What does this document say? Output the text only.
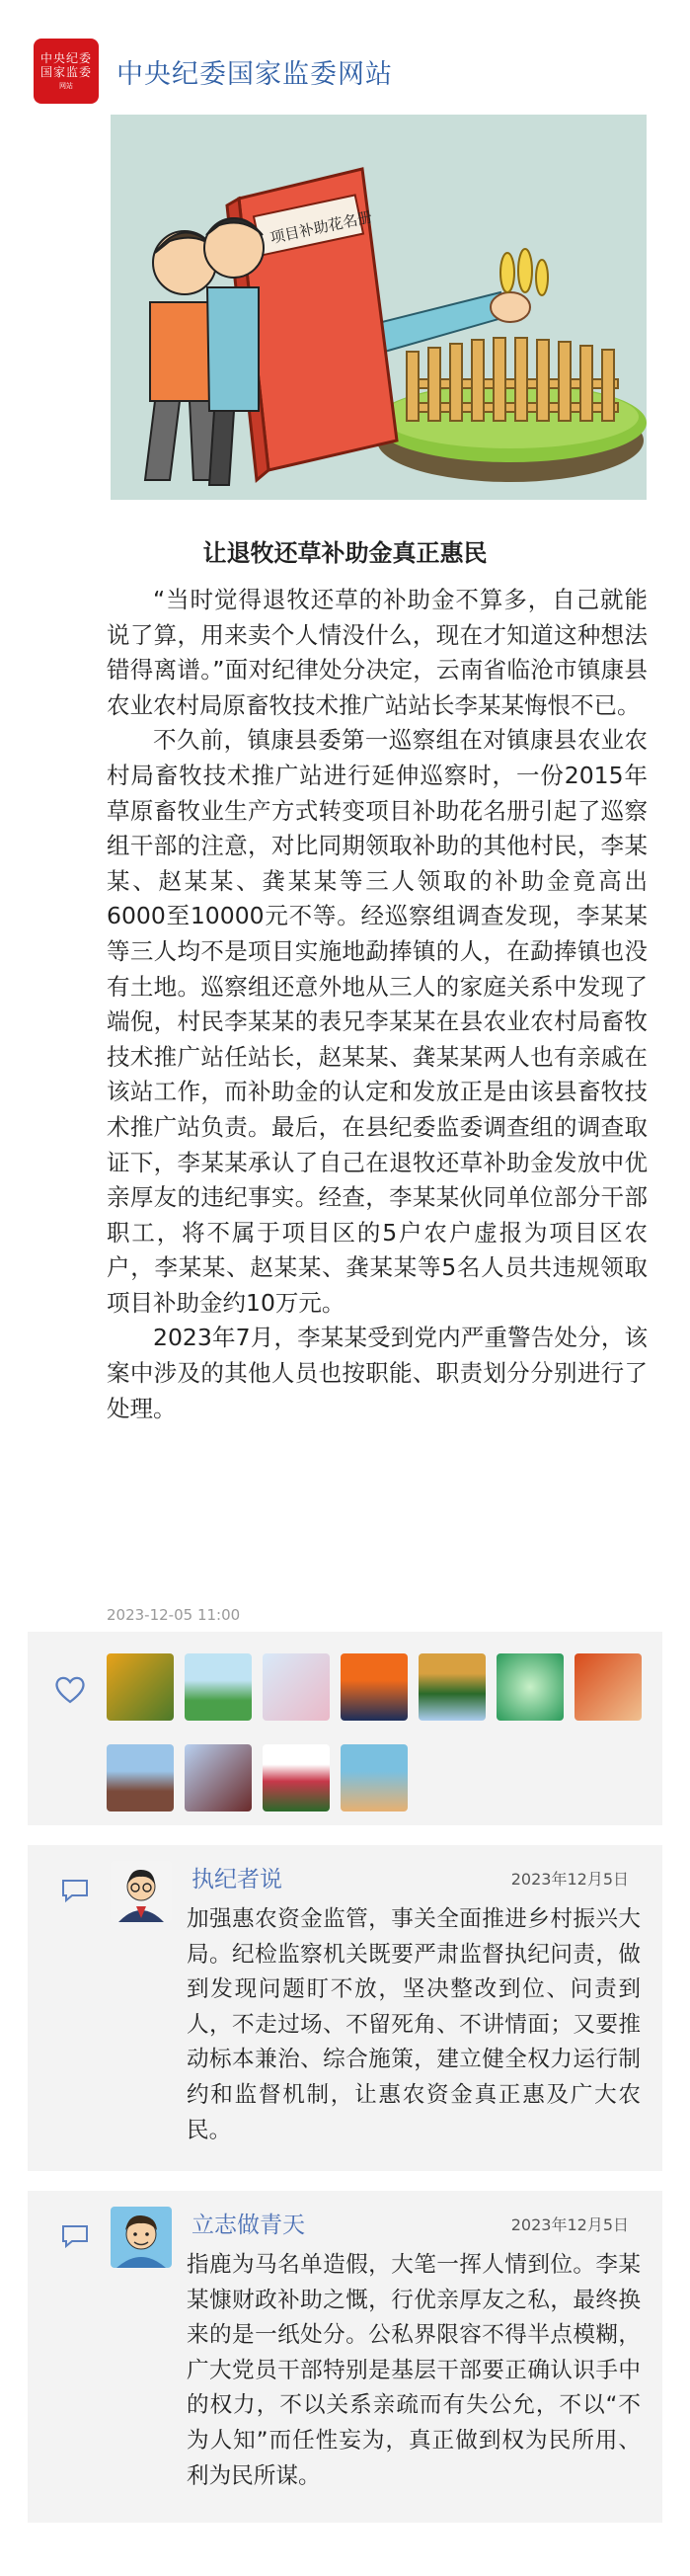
中央纪委
国家监委
网站 中央纪委国家监委网站
项目补助花名册
让退牧还草补助金真正惠民

“当时觉得退牧还草的补助金不算多，自己就能说了算，用来卖个人情没什么，现在才知道这种想法错得离谱。”面对纪律处分决定，云南省临沧市镇康县农业农村局原畜牧技术推广站站长李某某悔恨不已。

不久前，镇康县委第一巡察组在对镇康县农业农村局畜牧技术推广站进行延伸巡察时，一份2015年草原畜牧业生产方式转变项目补助花名册引起了巡察组干部的注意，对比同期领取补助的其他村民，李某某、赵某某、龚某某等三人领取的补助金竟高出6000至10000元不等。经巡察组调查发现，李某某等三人均不是项目实施地勐捧镇的人，在勐捧镇也没有土地。巡察组还意外地从三人的家庭关系中发现了端倪，村民李某某的表兄李某某在县农业农村局畜牧技术推广站任站长，赵某某、龚某某两人也有亲戚在该站工作，而补助金的认定和发放正是由该县畜牧技术推广站负责。最后，在县纪委监委调查组的调查取证下，李某某承认了自己在退牧还草补助金发放中优亲厚友的违纪事实。经查，李某某伙同单位部分干部职工，将不属于项目区的5户农户虚报为项目区农户，李某某、赵某某、龚某某等5名人员共违规领取项目补助金约10万元。

2023年7月，李某某受到党内严重警告处分，该案中涉及的其他人员也按职能、职责划分分别进行了处理。

2023-12-05 11:00
执纪者说	2023年12月5日
加强惠农资金监管，事关全面推进乡村振兴大局。纪检监察机关既要严肃监督执纪问责，做到发现问题盯不放，坚决整改到位、问责到人，不走过场、不留死角、不讲情面；又要推动标本兼治、综合施策，建立健全权力运行制约和监督机制，让惠农资金真正惠及广大农民。
立志做青天	2023年12月5日
指鹿为马名单造假，大笔一挥人情到位。李某某慷财政补助之慨，行优亲厚友之私，最终换来的是一纸处分。公私界限容不得半点模糊，广大党员干部特别是基层干部要正确认识手中的权力，不以关系亲疏而有失公允，不以“不为人知”而任性妄为，真正做到权为民所用、利为民所谋。
